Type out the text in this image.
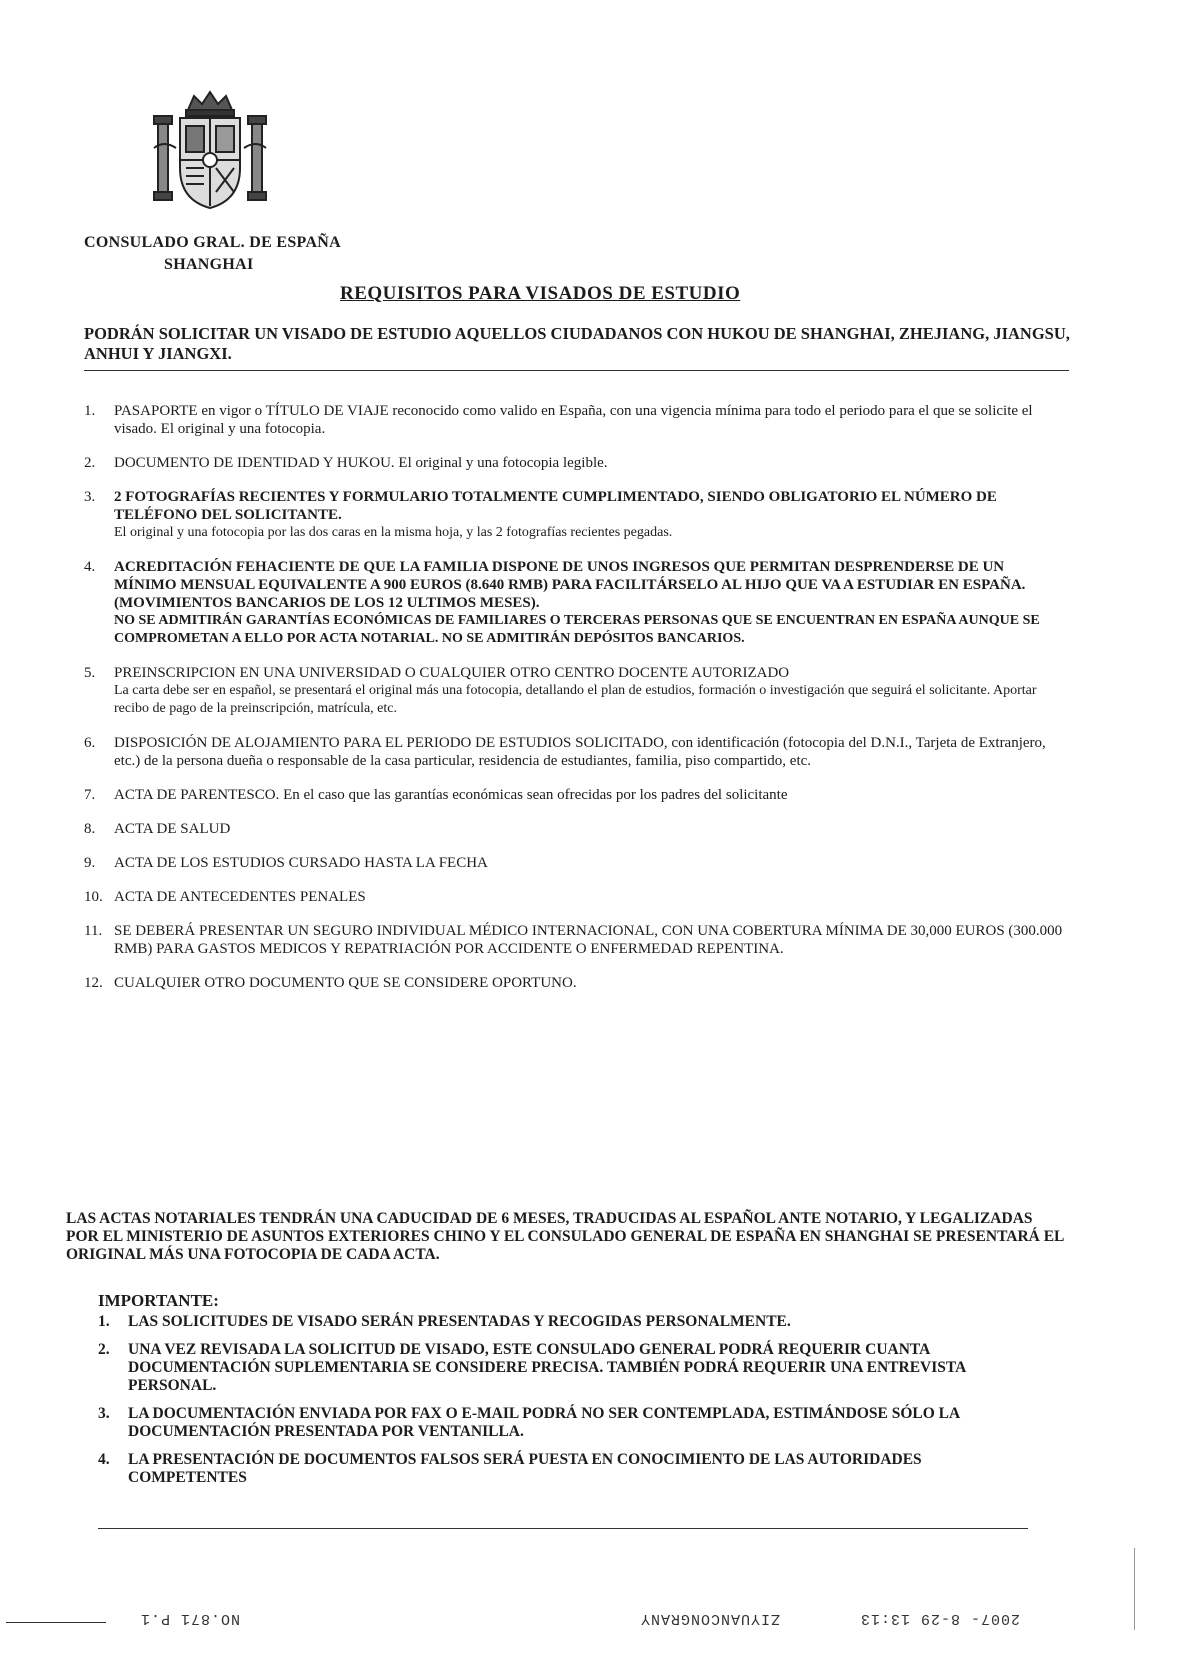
CONSULADO GRAL. DE ESPAÑA
SHANGHAI
REQUISITOS PARA VISADOS DE ESTUDIO
PODRÁN SOLICITAR UN VISADO DE ESTUDIO AQUELLOS CIUDADANOS CON HUKOU DE SHANGHAI, ZHEJIANG, JIANGSU, ANHUI Y JIANGXI.
1. PASAPORTE en vigor o TÍTULO DE VIAJE reconocido como valido en España, con una vigencia mínima para todo el periodo para el que se solicite el visado. El original y una fotocopia.
2. DOCUMENTO DE IDENTIDAD Y HUKOU. El original y una fotocopia legible.
3. 2 FOTOGRAFÍAS RECIENTES Y FORMULARIO TOTALMENTE CUMPLIMENTADO, SIENDO OBLIGATORIO EL NÚMERO DE TELÉFONO DEL SOLICITANTE.
El original y una fotocopia por las dos caras en la misma hoja, y las 2 fotografías recientes pegadas.
4. ACREDITACIÓN FEHACIENTE DE QUE LA FAMILIA DISPONE DE UNOS INGRESOS QUE PERMITAN DESPRENDERSE DE UN MÍNIMO MENSUAL EQUIVALENTE A 900 EUROS (8.640 RMB) PARA FACILITÁRSELO AL HIJO QUE VA A ESTUDIAR EN ESPAÑA. (MOVIMIENTOS BANCARIOS DE LOS 12 ULTIMOS MESES).
NO SE ADMITIRÁN GARANTÍAS ECONÓMICAS DE FAMILIARES O TERCERAS PERSONAS QUE SE ENCUENTRAN EN ESPAÑA AUNQUE SE COMPROMETAN A ELLO POR ACTA NOTARIAL. NO SE ADMITIRÁN DEPÓSITOS BANCARIOS.
5. PREINSCRIPCION EN UNA UNIVERSIDAD O CUALQUIER OTRO CENTRO DOCENTE AUTORIZADO
La carta debe ser en español, se presentará el original más una fotocopia, detallando el plan de estudios, formación o investigación que seguirá el solicitante. Aportar recibo de pago de la preinscripción, matrícula, etc.
6. DISPOSICIÓN DE ALOJAMIENTO PARA EL PERIODO DE ESTUDIOS SOLICITADO, con identificación (fotocopia del D.N.I., Tarjeta de Extranjero, etc.) de la persona dueña o responsable de la casa particular, residencia de estudiantes, familia, piso compartido, etc.
7. ACTA DE PARENTESCO. En el caso que las garantías económicas sean ofrecidas por los padres del solicitante
8. ACTA DE SALUD
9. ACTA DE LOS ESTUDIOS CURSADO HASTA LA FECHA
10. ACTA DE ANTECEDENTES PENALES
11. SE DEBERÁ PRESENTAR UN SEGURO INDIVIDUAL MÉDICO INTERNACIONAL, CON UNA COBERTURA MÍNIMA DE 30,000 EUROS (300.000 RMB) PARA GASTOS MEDICOS Y REPATRIACIÓN POR ACCIDENTE O ENFERMEDAD REPENTINA.
12. CUALQUIER OTRO DOCUMENTO QUE SE CONSIDERE OPORTUNO.
LAS ACTAS NOTARIALES TENDRÁN UNA CADUCIDAD DE 6 MESES, TRADUCIDAS AL ESPAÑOL ANTE NOTARIO, Y LEGALIZADAS POR EL MINISTERIO DE ASUNTOS EXTERIORES CHINO Y EL CONSULADO GENERAL DE ESPAÑA EN SHANGHAI SE PRESENTARÁ EL ORIGINAL MÁS UNA FOTOCOPIA DE CADA ACTA.
IMPORTANTE:
1. LAS SOLICITUDES DE VISADO SERÁN PRESENTADAS Y RECOGIDAS PERSONALMENTE.
2. UNA VEZ REVISADA LA SOLICITUD DE VISADO, ESTE CONSULADO GENERAL PODRÁ REQUERIR CUANTA DOCUMENTACIÓN SUPLEMENTARIA SE CONSIDERE PRECISA. TAMBIÉN PODRÁ REQUERIR UNA ENTREVISTA PERSONAL.
3. LA DOCUMENTACIÓN ENVIADA POR FAX O E-MAIL PODRÁ NO SER CONTEMPLADA, ESTIMÁNDOSE SÓLO LA DOCUMENTACIÓN PRESENTADA POR VENTANILLA.
4. LA PRESENTACIÓN DE DOCUMENTOS FALSOS SERÁ PUESTA EN CONOCIMIENTO DE LAS AUTORIDADES COMPETENTES
NO.871 P.1	ZIYUANCONGRANY	2007- 8-29 13:13
